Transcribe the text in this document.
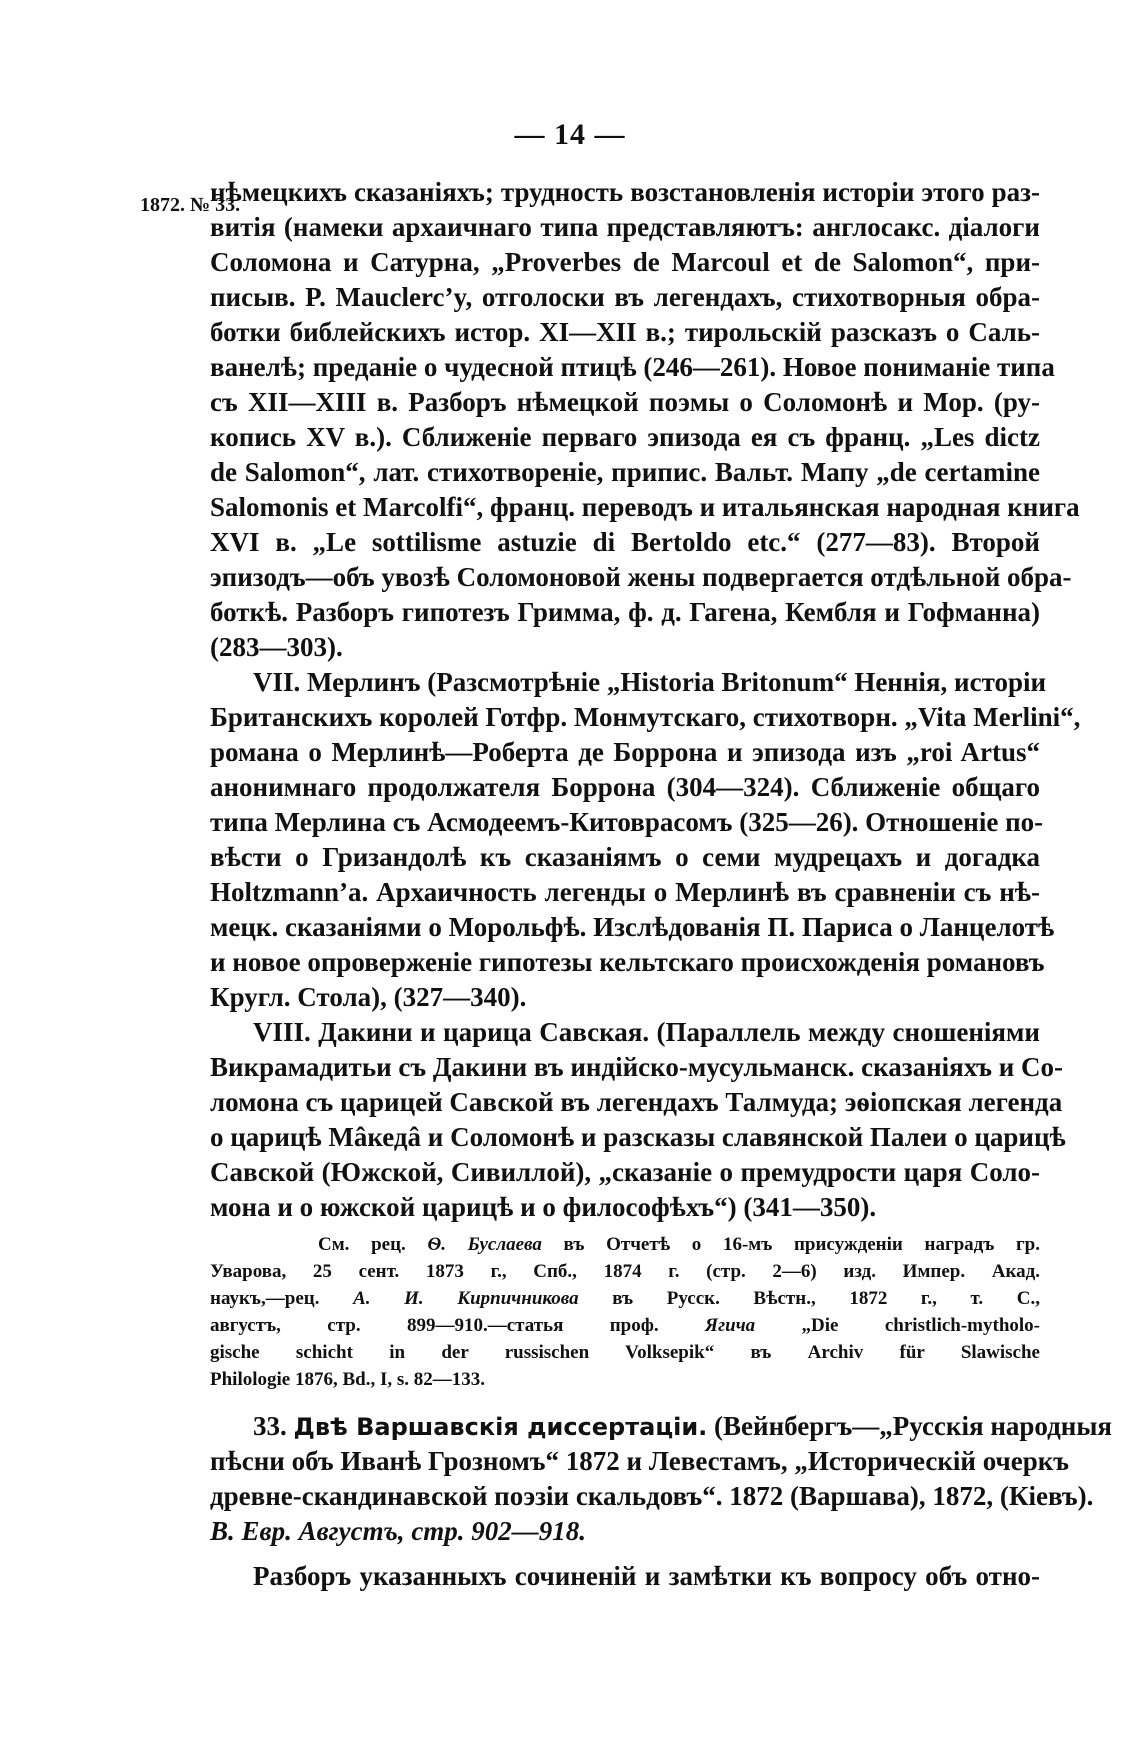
— 14 —
1872. № 33.
нѣмецкихъ сказаніяхъ; трудность возстановленія исторіи этого раз-
витія (намеки архаичнаго типа представляютъ: англосакс. діалоги
Соломона и Сатурна, „Proverbes de Marcoul et de Salomon“, при-
писыв. P. Mauclerc’y, отголоски въ легендахъ, стихотворныя обра-
ботки библейскихъ истор. XI—XII в.; тирольскій разсказъ о Саль-
ванелѣ; преданіе о чудесной птицѣ (246—261). Новое пониманіе типа
съ XII—XIII в. Разборъ нѣмецкой поэмы о Соломонѣ и Мор. (ру-
копись XV в.). Сближеніе перваго эпизода ея съ франц. „Les dictz
de Salomon“, лат. стихотвореніе, припис. Вальт. Мапу „de certamine
Salomonis et Marcolfi“, франц. переводъ и итальянская народная книга
XVI в. „Le sottilisme astuzie di Bertoldo etc.“ (277—83). Второй
эпизодъ—объ увозѣ Соломоновой жены подвергается отдѣльной обра-
боткѣ. Разборъ гипотезъ Гримма, ф. д. Гагена, Кембля и Гофманна)
(283—303).
VII. Мерлинъ (Разсмотрѣніе „Historia Britonum“ Неннія, исторіи
Британскихъ королей Готфр. Монмутскаго, стихотворн. „Vita Merlini“,
романа о Мерлинѣ—Роберта де Боррона и эпизода изъ „roi Artus“
анонимнаго продолжателя Боррона (304—324). Сближеніе общаго
типа Мерлина съ Асмодеемъ-Китоврасомъ (325—26). Отношеніе по-
вѣсти о Гризандолѣ къ сказаніямъ о семи мудрецахъ и догадка
Holtzmann’a. Архаичность легенды о Мерлинѣ въ сравненіи съ нѣ-
мецк. сказаніями о Морольфѣ. Изслѣдованія П. Париса о Ланцелотѣ
и новое опроверженіе гипотезы кельтскаго происхожденія романовъ
Кругл. Стола), (327—340).
VIII. Дакини и царица Савская. (Параллель между сношеніями
Викрамадитьи съ Дакини въ индійско-мусульманск. сказаніяхъ и Со-
ломона съ царицей Савской въ легендахъ Талмуда; эѳіопская легенда
о царицѣ Мâкедâ и Соломонѣ и разсказы славянской Палеи о царицѣ
Савской (Южской, Сивиллой), „сказаніе о премудрости царя Соло-
мона и о южской царицѣ и о философѣхъ“) (341—350).
См. рец. Ѳ. Буслаева въ Отчетѣ о 16-мъ присужденіи наградъ гр.
Уварова, 25 сент. 1873 г., Спб., 1874 г. (стр. 2—6) изд. Импер. Акад.
наукъ,—рец. А. И. Кирпичникова въ Русск. Вѣстн., 1872 г., т. C.,
августъ, стр. 899—910.—статья проф. Ягича „Die christlich-mytholo-
gische schicht in der russischen Volksepik“ въ Archiv für Slawische
Philologie 1876, Bd., I, s. 82—133.
33. Двѣ Варшавскія диссертаціи. (Вейнбергъ—„Русскія народныя
пѣсни объ Иванѣ Грозномъ“ 1872 и Левестамъ, „Историческій очеркъ
древне-скандинавской поэзіи скальдовъ“. 1872 (Варшава), 1872, (Кіевъ).
В. Евр. Августъ, стр. 902—918.
Разборъ указанныхъ сочиненій и замѣтки къ вопросу объ отно-
